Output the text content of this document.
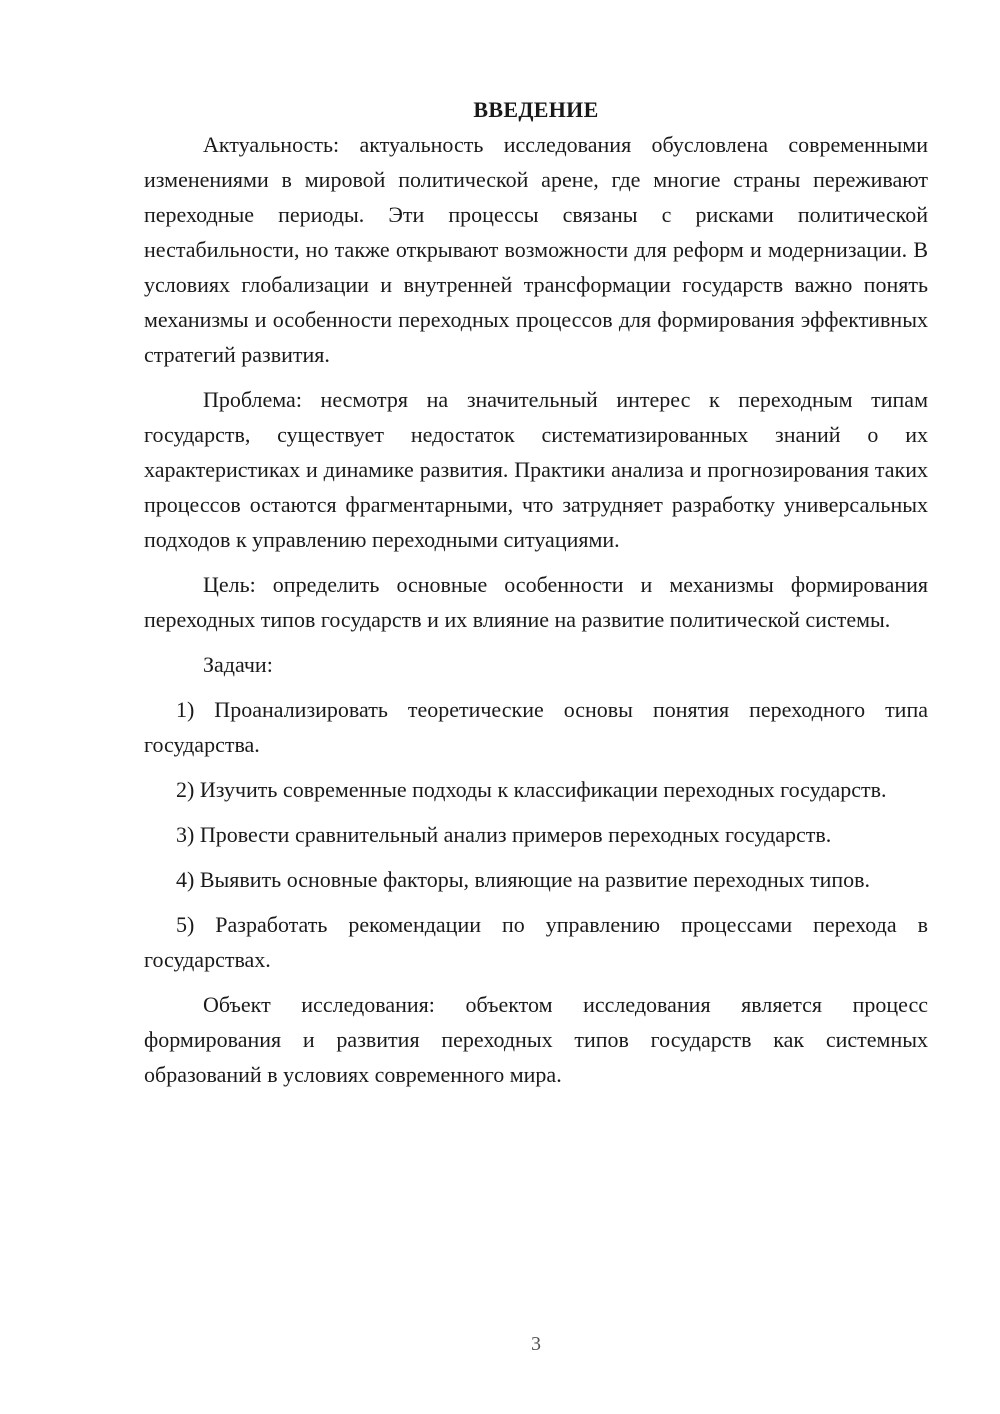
ВВЕДЕНИЕ

Актуальность: актуальность исследования обусловлена современными изменениями в мировой политической арене, где многие страны переживают переходные периоды. Эти процессы связаны с рисками политической нестабильности, но также открывают возможности для реформ и модернизации. В условиях глобализации и внутренней трансформации государств важно понять механизмы и особенности переходных процессов для формирования эффективных стратегий развития.

Проблема: несмотря на значительный интерес к переходным типам государств, существует недостаток систематизированных знаний о их характеристиках и динамике развития. Практики анализа и прогнозирования таких процессов остаются фрагментарными, что затрудняет разработку универсальных подходов к управлению переходными ситуациями.

Цель: определить основные особенности и механизмы формирования переходных типов государств и их влияние на развитие политической системы.

Задачи:

1) Проанализировать теоретические основы понятия переходного типа государства.

2) Изучить современные подходы к классификации переходных государств.

3) Провести сравнительный анализ примеров переходных государств.

4) Выявить основные факторы, влияющие на развитие переходных типов.

5) Разработать рекомендации по управлению процессами перехода в государствах.

Объект исследования: объектом исследования является процесс формирования и развития переходных типов государств как системных образований в условиях современного мира.

3
